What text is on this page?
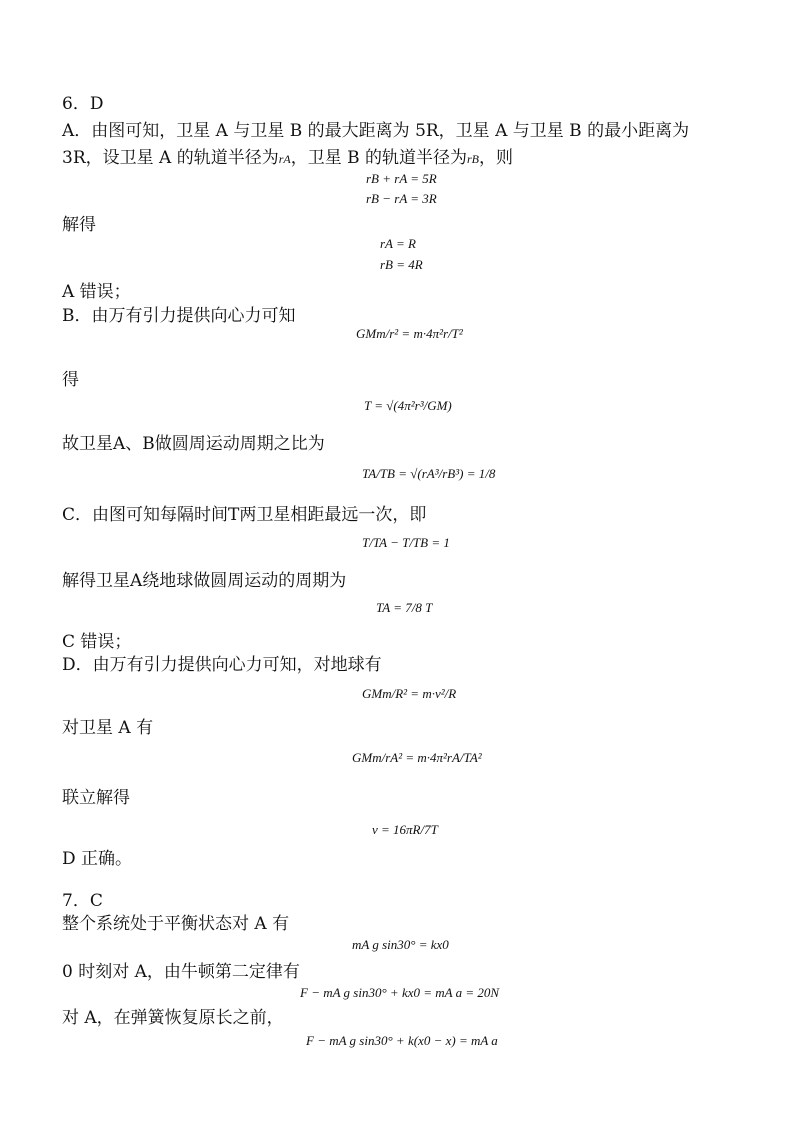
6．D
A．由图可知，卫星 A 与卫星 B 的最大距离为 5R，卫星 A 与卫星 B 的最小距离为
3R，设卫星 A 的轨道半径为rA，卫星 B 的轨道半径为rB，则
rB + rA = 5R
rB − rA = 3R
解得
rA = R
rB = 4R
A 错误；
B．由万有引力提供向心力可知
GMm/r² = m·4π²r/T²
得
T = √(4π²r³/GM)
故卫星A、B做圆周运动周期之比为
TA/TB = √(rA³/rB³) = 1/8
C．由图可知每隔时间T两卫星相距最远一次，即
T/TA − T/TB = 1
解得卫星A绕地球做圆周运动的周期为
TA = 7/8 T
C 错误；
D．由万有引力提供向心力可知，对地球有
GMm/R² = m·v²/R
对卫星 A 有
GMm/rA² = m·4π²rA/TA²
联立解得
v = 16πR/7T
D 正确。
7．C
整个系统处于平衡状态对 A 有
mA g sin30° = kx0
0 时刻对 A，由牛顿第二定律有
F − mA g sin30° + kx0 = mA a = 20N
对 A，在弹簧恢复原长之前，
F − mA g sin30° + k(x0 − x) = mA a
